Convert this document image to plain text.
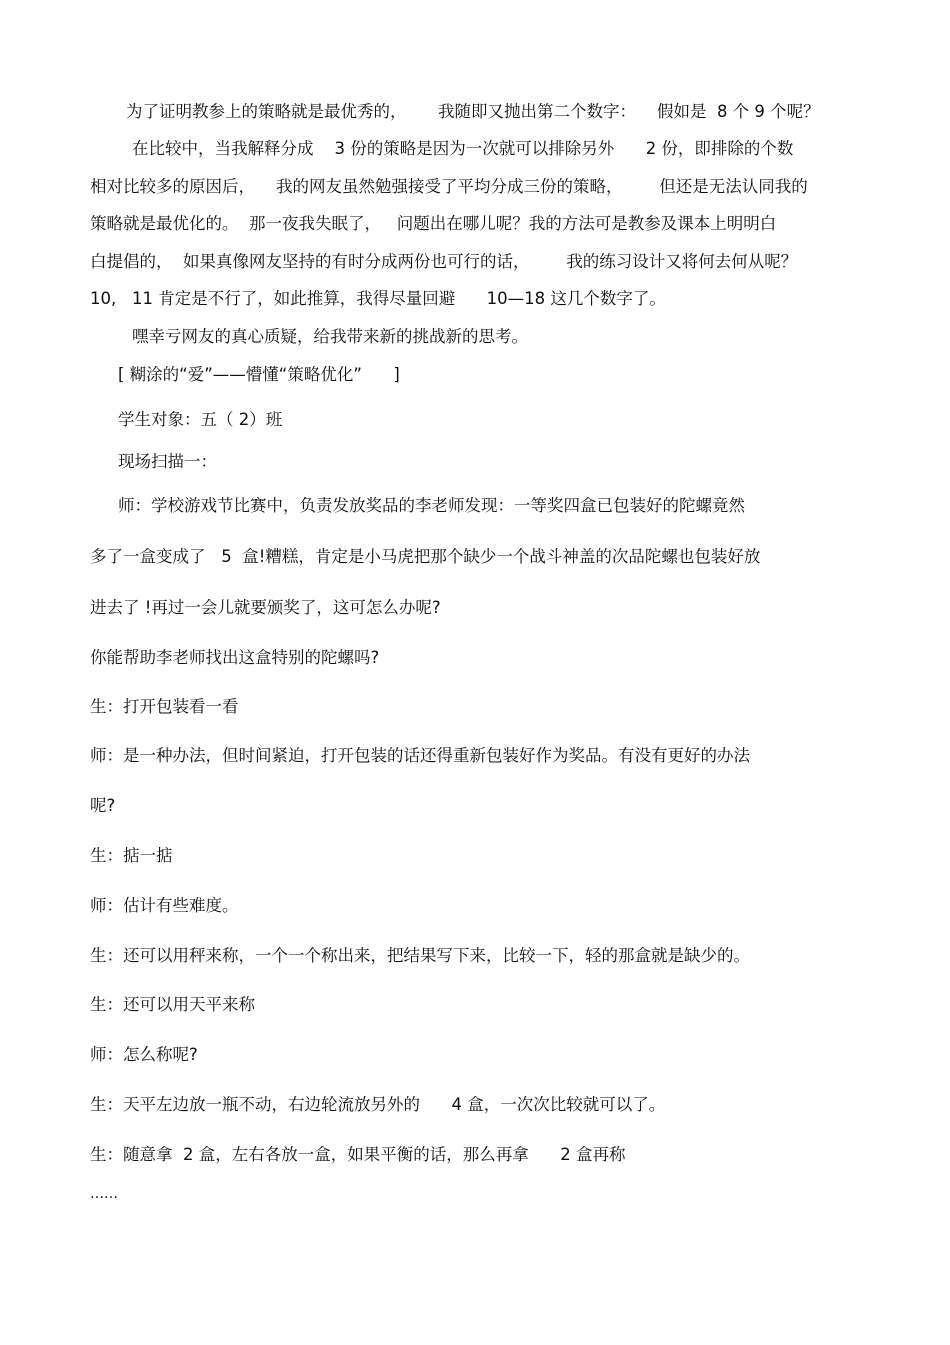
为了证明教参上的策略就是最优秀的，      我随即又抛出第二个数字：    假如是  8 个 9 个呢？
在比较中，当我解释分成    3 份的策略是因为一次就可以排除另外      2 份，即排除的个数
相对比较多的原因后，    我的网友虽然勉强接受了平均分成三份的策略，       但还是无法认同我的
策略就是最优化的。  那一夜我失眠了，   问题出在哪儿呢？我的方法可是教参及课本上明明白
白提倡的，  如果真像网友坚持的有时分成两份也可行的话，       我的练习设计又将何去何从呢？
10,   11 肯定是不行了，如此推算，我得尽量回避      10—18 这几个数字了。
嘿幸亏网友的真心质疑，给我带来新的挑战新的思考。
[ 糊涂的“爱”——懵懂“策略优化”      ]
学生对象：五（ 2）班
现场扫描一：
师：学校游戏节比赛中，负责发放奖品的李老师发现：一等奖四盒已包装好的陀螺竟然
多了一盒变成了   5  盒!糟糕，肯定是小马虎把那个缺少一个战斗神盖的次品陀螺也包装好放
进去了 !再过一会儿就要颁奖了，这可怎么办呢?
你能帮助李老师找出这盒特别的陀螺吗?
生：打开包装看一看
师：是一种办法，但时间紧迫，打开包装的话还得重新包装好作为奖品。有没有更好的办法
呢?
生：掂一掂
师：估计有些难度。
生：还可以用秤来称，一个一个称出来，把结果写下来，比较一下，轻的那盒就是缺少的。
生：还可以用天平来称
师：怎么称呢?
生：天平左边放一瓶不动，右边轮流放另外的      4 盒，一次次比较就可以了。
生：随意拿  2 盒，左右各放一盒，如果平衡的话，那么再拿      2 盒再称
……
